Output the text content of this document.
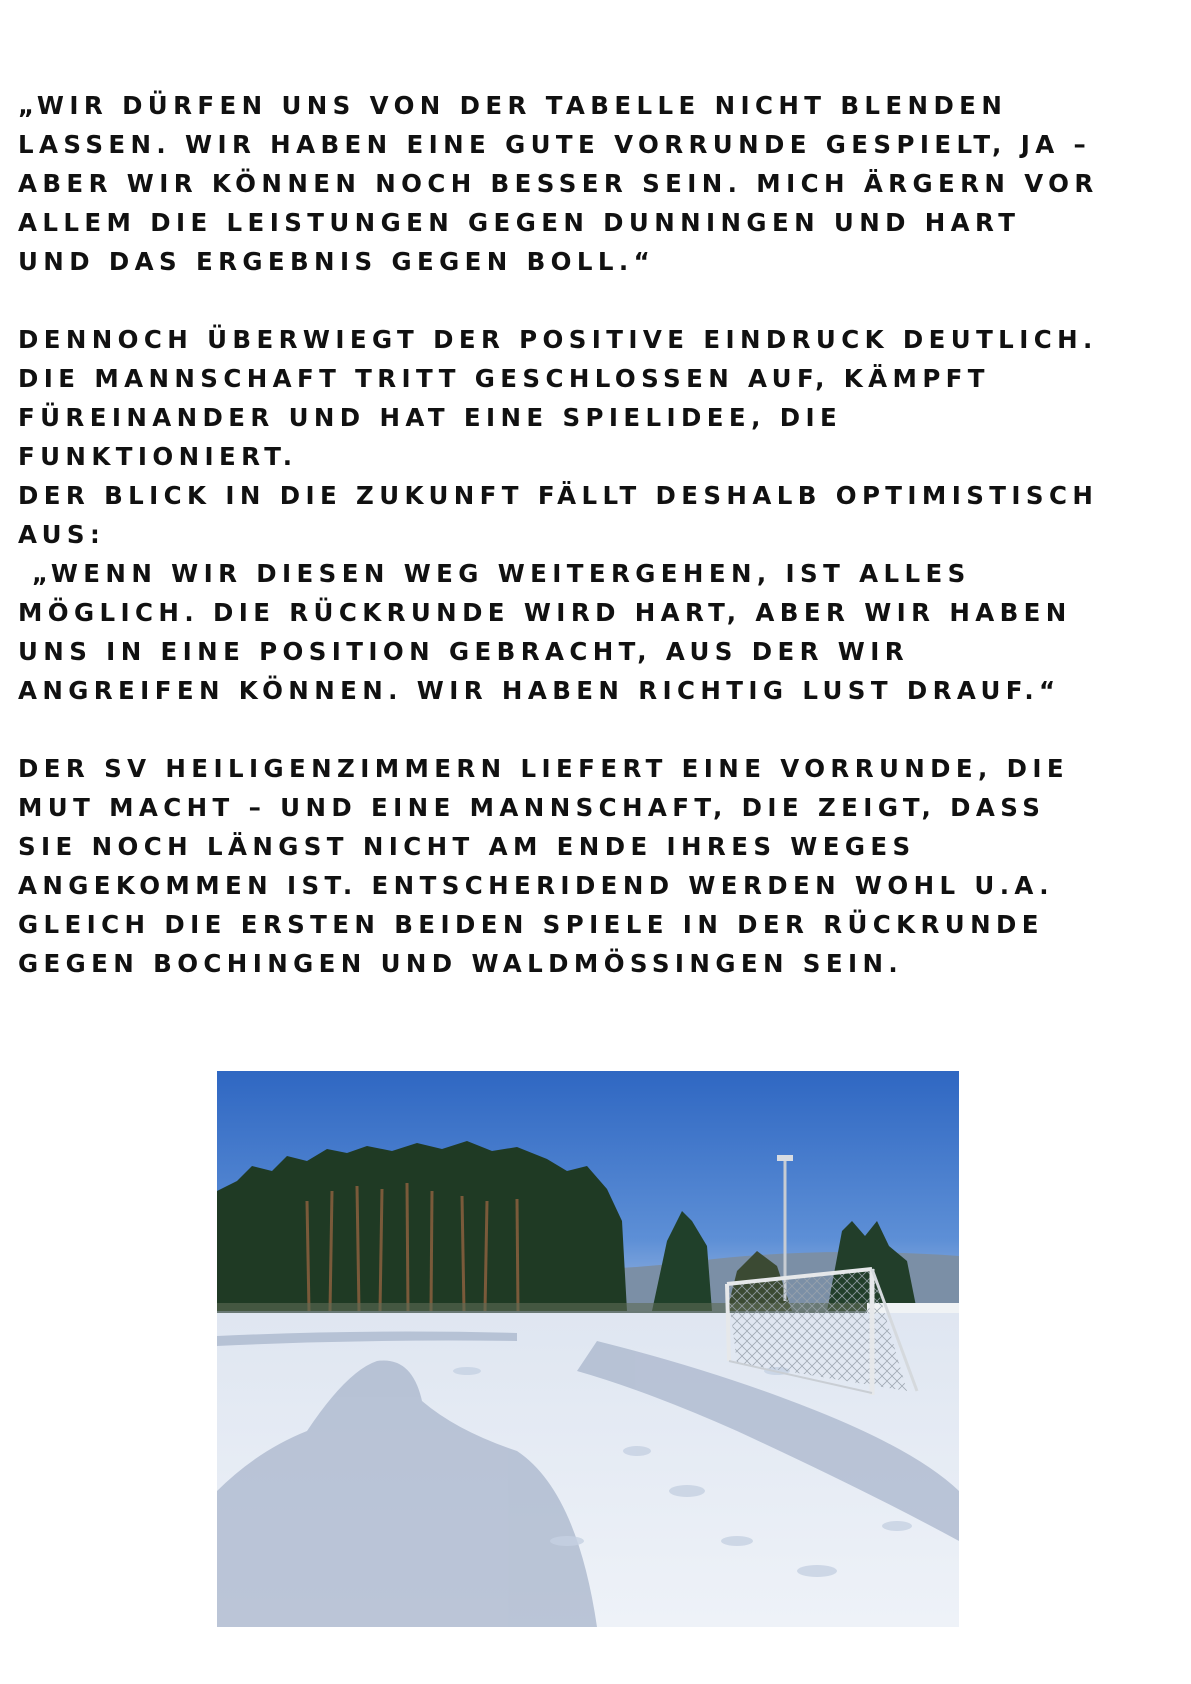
„WIR DÜRFEN UNS VON DER TABELLE NICHT BLENDEN
LASSEN. WIR HABEN EINE GUTE VORRUNDE GESPIELT, JA –
ABER WIR KÖNNEN NOCH BESSER SEIN. MICH ÄRGERN VOR
ALLEM DIE LEISTUNGEN GEGEN DUNNINGEN UND HART
UND DAS ERGEBNIS GEGEN BOLL.“

DENNOCH ÜBERWIEGT DER POSITIVE EINDRUCK DEUTLICH.
DIE MANNSCHAFT TRITT GESCHLOSSEN AUF, KÄMPFT
FÜREINANDER UND HAT EINE SPIELIDEE, DIE
FUNKTIONIERT.
DER BLICK IN DIE ZUKUNFT FÄLLT DESHALB OPTIMISTISCH
AUS:
„WENN WIR DIESEN WEG WEITERGEHEN, IST ALLES
MÖGLICH. DIE RÜCKRUNDE WIRD HART, ABER WIR HABEN
UNS IN EINE POSITION GEBRACHT, AUS DER WIR
ANGREIFEN KÖNNEN. WIR HABEN RICHTIG LUST DRAUF.“

DER SV HEILIGENZIMMERN LIEFERT EINE VORRUNDE, DIE
MUT MACHT – UND EINE MANNSCHAFT, DIE ZEIGT, DASS
SIE NOCH LÄNGST NICHT AM ENDE IHRES WEGES
ANGEKOMMEN IST. ENTSCHERIDEND WERDEN WOHL U.A.
GLEICH DIE ERSTEN BEIDEN SPIELE IN DER RÜCKRUNDE
GEGEN BOCHINGEN UND WALDMÖSSINGEN SEIN.
